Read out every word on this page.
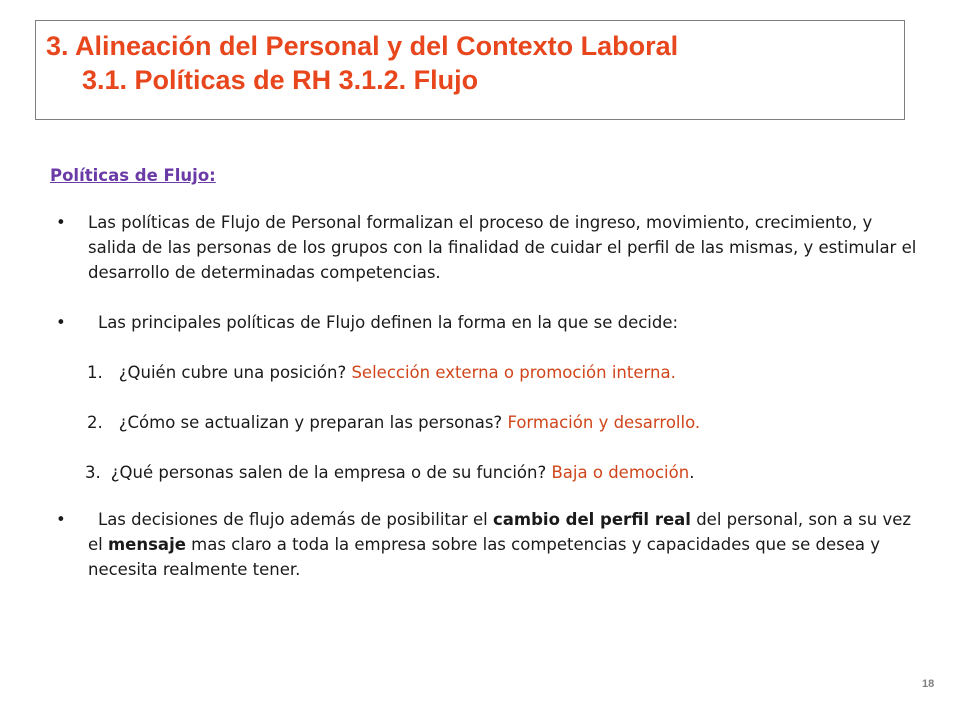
3. Alineación del Personal y del Contexto Laboral
3.1. Políticas de RH 3.1.2. Flujo
Políticas de Flujo:
• Las políticas de Flujo de Personal formalizan el proceso de ingreso, movimiento, crecimiento, y salida de las personas de los grupos con la finalidad de cuidar el perfil de las mismas, y estimular el desarrollo de determinadas competencias.
• Las principales políticas de Flujo definen la forma en la que se decide:
1. ¿Quién cubre una posición? Selección externa o promoción interna.
2. ¿Cómo se actualizan y preparan las personas? Formación y desarrollo.
3. ¿Qué personas salen de la empresa o de su función? Baja o democión.
• Las decisiones de flujo además de posibilitar el cambio del perfil real del personal, son a su vez el mensaje mas claro a toda la empresa sobre las competencias y capacidades que se desea y necesita realmente tener.
18
